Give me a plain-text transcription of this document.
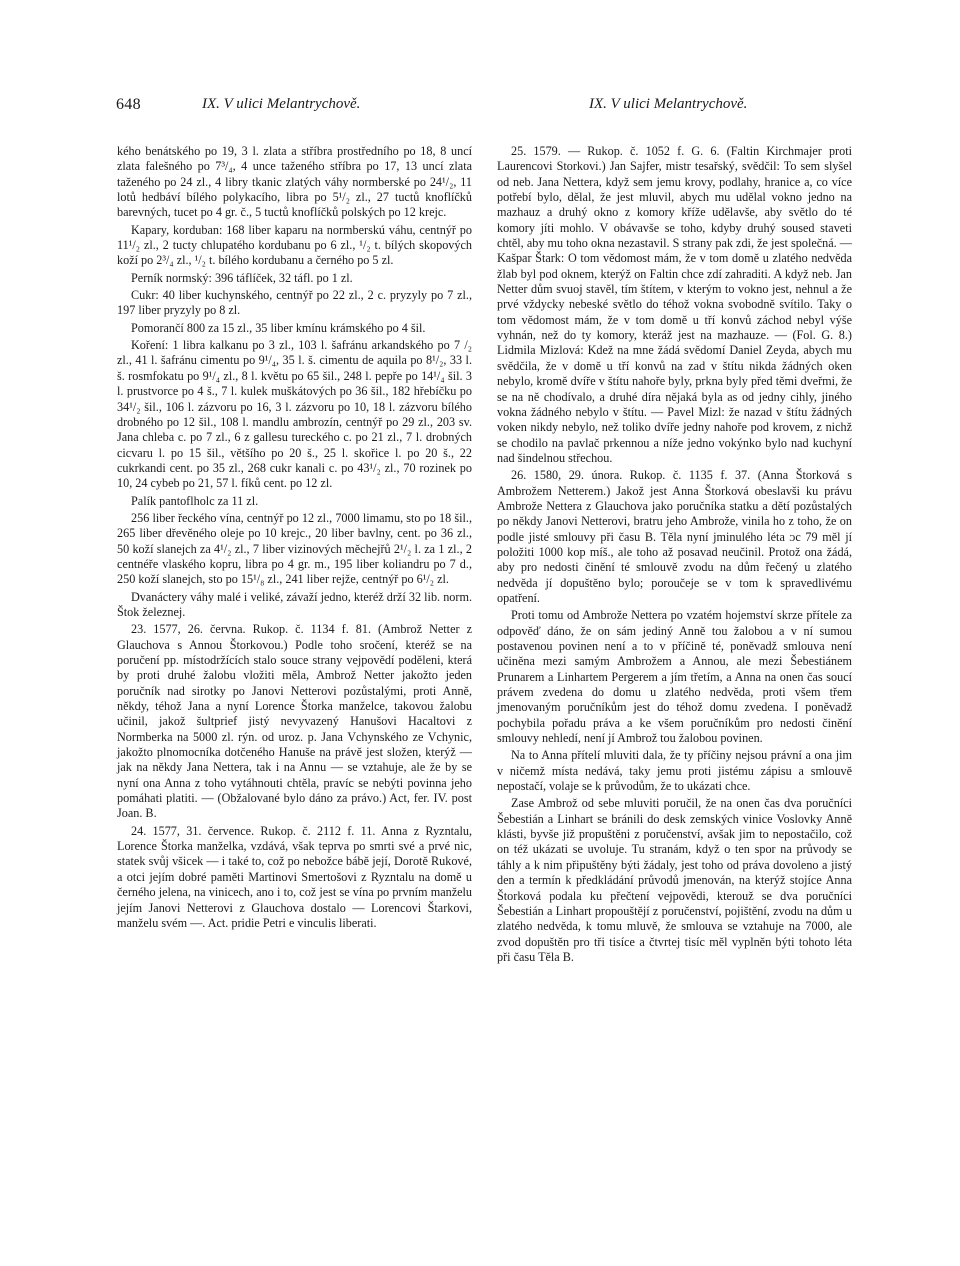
648	IX. V ulici Melantrychově.	IX. V ulici Melantrychově.

kého benátského po 19, 3 l. zlata a stříbra prostředního po 18, 8 uncí zlata falešného po 7³/₄, 4 unce taženého stříbra po 17, 13 uncí zlata taženého po 24 zl., 4 libry tkanic zlatých váhy normberské po 24¹/₂, 11 lotů hedbáví bílého polykacího, libra po 5¹/₂ zl., 27 tuctů knoflíčků barevných, tucet po 4 gr. č., 5 tuctů knoflíčků polských po 12 krejc.

Kapary, korduban: 168 liber kaparu na normberskú váhu, centnýř po 11¹/₂ zl., 2 tucty chlupatého kordubanu po 6 zl., ¹/₂ t. bílých skopových koží po 2³/₄ zl., ¹/₂ t. bílého kordubanu a černého po 5 zl.

Perník normský: 396 táflíček, 32 táfl. po 1 zl.

Cukr: 40 liber kuchynského, centnýř po 22 zl., 2 c. pryzyly po 7 zl., 197 liber pryzyly po 8 zl.

Pomorančí 800 za 15 zl., 35 liber kmínu krámského po 4 šil.

Koření: 1 libra kalkanu po 3 zl., 103 l. šafránu arkandského po 7 /₂ zl., 41 l. šafránu cimentu po 9¹/₄, 35 l. š. cimentu de aquila po 8¹/₂, 33 l. š. rosmfokatu po 9¹/₄ zl., 8 l. květu po 65 šil., 248 l. pepře po 14¹/₄ šil. 3 l. prustvorce po 4 š., 7 l. kulek muškátových po 36 šil., 182 hřebíčku po 34¹/₂ šil., 106 l. zázvoru po 16, 3 l. zázvoru po 10, 18 l. zázvoru bílého drobného po 12 šil., 108 l. mandlu ambrozín, centnýř po 29 zl., 203 sv. Jana chleba c. po 7 zl., 6 z gallesu tureckého c. po 21 zl., 7 l. drobných cicvaru l. po 15 šil., většího po 20 š., 25 l. skořice l. po 20 š., 22 cukrkandi cent. po 35 zl., 268 cukr kanali c. po 43¹/₂ zl., 70 rozinek po 10, 24 cybeb po 21, 57 l. fíků cent. po 12 zl.

Palík pantoflholc za 11 zl.

256 liber řeckého vína, centnýř po 12 zl., 7000 limamu, sto po 18 šil., 265 liber dřevěného oleje po 10 krejc., 20 liber bavlny, cent. po 36 zl., 50 koží slanejch za 4¹/₂ zl., 7 liber vizinových měchejřů 2¹/₂ l. za 1 zl., 2 centnéře vlaského kopru, libra po 4 gr. m., 195 liber koliandru po 7 d., 250 koží slanejch, sto po 15¹/₈ zl., 241 liber rejže, centnýř po 6¹/₂ zl.

Dvanáctery váhy malé i veliké, závaží jedno, kteréž drží 32 lib. norm. Štok železnej.

23. 1577, 26. června. Rukop. č. 1134 f. 81. (Ambrož Netter z Glauchova s Annou Štorkovou.) Podle toho sročení, kteréž se na poručení pp. místodržících stalo souce strany vejpovědí poděleni, která by proti druhé žalobu vložiti měla, Ambrož Netter jakožto jeden poručník nad sirotky po Janovi Netterovi pozůstalými, proti Anně, někdy, téhož Jana a nyní Lorence Štorka manželce, takovou žalobu učinil, jakož šultprief jistý nevyvazený Hanušovi Hacaltovi z Normberka na 5000 zl. rýn. od uroz. p. Jana Vchynského ze Vchynic, jakožto plnomocníka dotčeného Hanuše na právě jest složen, kterýž — jak na někdy Jana Nettera, tak i na Annu — se vztahuje, ale že by se nyní ona Anna z toho vytáhnouti chtěla, pravíc se nebýti povinna jeho pomáhati platiti. — (Obžalované bylo dáno za právo.) Act, fer. IV. post Joan. B.

24. 1577, 31. července. Rukop. č. 2112 f. 11. Anna z Ryzntalu, Lorence Štorka manželka, vzdává, však teprva po smrti své a prvé nic, statek svůj všicek — i také to, což po nebožce bábě její, Dorotě Rukové, a otci jejím dobré paměti Martinovi Smertošovi z Ryzntalu na domě u černého jelena, na vinicech, ano i to, což jest se vína po prvním manželu jejím Janovi Netterovi z Glauchova dostalo — Lorencovi Štarkovi, manželu svém —. Act. pridie Petri e vinculis liberati.

25. 1579. — Rukop. č. 1052 f. G. 6. (Faltin Kirchmajer proti Laurencovi Storkovi.) Jan Sajfer, mistr tesařský, svědčil: To sem slyšel od neb. Jana Nettera, když sem jemu krovy, podlahy, hranice a, co více potřebí bylo, dělal, že jest mluvil, abych mu udělal vokno jedno na mazhauz a druhý okno z komory kříže udělavše, aby světlo do té komory jíti mohlo. V obávavše se toho, kdyby druhý soused staveti chtěl, aby mu toho okna nezastavil. S strany pak zdi, že jest společná. — Kašpar Štark: O tom vědomost mám, že v tom domě u zlatého nedvěda žlab byl pod oknem, kterýž on Faltin chce zdí zahraditi. A když neb. Jan Netter dům svuoj stavěl, tím štítem, v kterým to vokno jest, nehnul a že prvé vždycky nebeské světlo do téhož vokna svobodně svítilo. Taky o tom vědomost mám, že v tom domě u tří konvů záchod nebyl výše vyhnán, než do ty komory, kteráž jest na mazhauze. — (Fol. G. 8.) Lidmila Mizlová: Kdež na mne žádá svědomí Daniel Zeyda, abych mu svědčila, že v domě u tří konvů na zad v štítu nikda žádných oken nebylo, kromě dvíře v štítu nahoře byly, prkna byly před těmi dveřmi, že se na ně chodívalo, a druhé díra nějaká byla as od jedny cihly, jiného vokna žádného nebylo v štítu. — Pavel Mizl: že nazad v štítu žádných voken nikdy nebylo, než toliko dvíře jedny nahoře pod krovem, z nichž se chodilo na pavlač prkennou a níže jedno vokýnko bylo nad kuchyní nad šindelnou střechou.

26. 1580, 29. února. Rukop. č. 1135 f. 37. (Anna Štorková s Ambrožem Netterem.) Jakož jest Anna Štorková obeslavši ku právu Ambrože Nettera z Glauchova jako poručníka statku a dětí pozůstalých po někdy Janovi Netterovi, bratru jeho Ambrože, vinila ho z toho, že on podle jisté smlouvy při času B. Těla nyní jminulého léta ᴐc 79 měl jí položiti 1000 kop míš., ale toho až posavad neučinil. Protož ona žádá, aby pro nedosti činění té smlouvě zvodu na dům řečený u zlatého nedvěda jí dopuštěno bylo; poroučeje se v tom k spravedlivému opatření.

Proti tomu od Ambrože Nettera po vzatém hojemství skrze přítele za odpověď dáno, že on sám jediný Anně tou žalobou a v ní sumou postavenou povinen není a to v příčině té, poněvadž smlouva není učiněna mezi samým Ambrožem a Annou, ale mezi Šebestiánem Prunarem a Linhartem Pergerem a jím třetím, a Anna na onen čas soucí právem zvedena do domu u zlatého nedvěda, proti všem třem jmenovaným poručníkům jest do téhož domu zvedena. I poněvadž pochybila pořadu práva a ke všem poručníkům pro nedosti činění smlouvy nehledí, není jí Ambrož tou žalobou povinen.

Na to Anna přítelí mluviti dala, že ty příčiny nejsou právní a ona jim v ničemž místa nedává, taky jemu proti jistému zápisu a smlouvě nepostačí, volaje se k průvodům, že to ukázati chce.

Zase Ambrož od sebe mluviti poručil, že na onen čas dva poručníci Šebestián a Linhart se bránili do desk zemských vinice Voslovky Anně klásti, byvše již propuštěni z poručenství, avšak jim to nepostačilo, což on též ukázati se uvoluje. Tu stranám, když o ten spor na průvody se táhly a k nim připuštěny býti žádaly, jest toho od práva dovoleno a jistý den a termín k předkládání průvodů jmenován, na kterýž stojíce Anna Štorková podala ku přečtení vejpovědi, kterouž se dva poručníci Šebestián a Linhart propouštějí z poručenství, pojištění, zvodu na dům u zlatého nedvěda, k tomu mluvě, že smlouva se vztahuje na 7000, ale zvod dopuštěn pro tři tisíce a čtvrtej tisíc měl vyplněn býti tohoto léta při času Těla B.
